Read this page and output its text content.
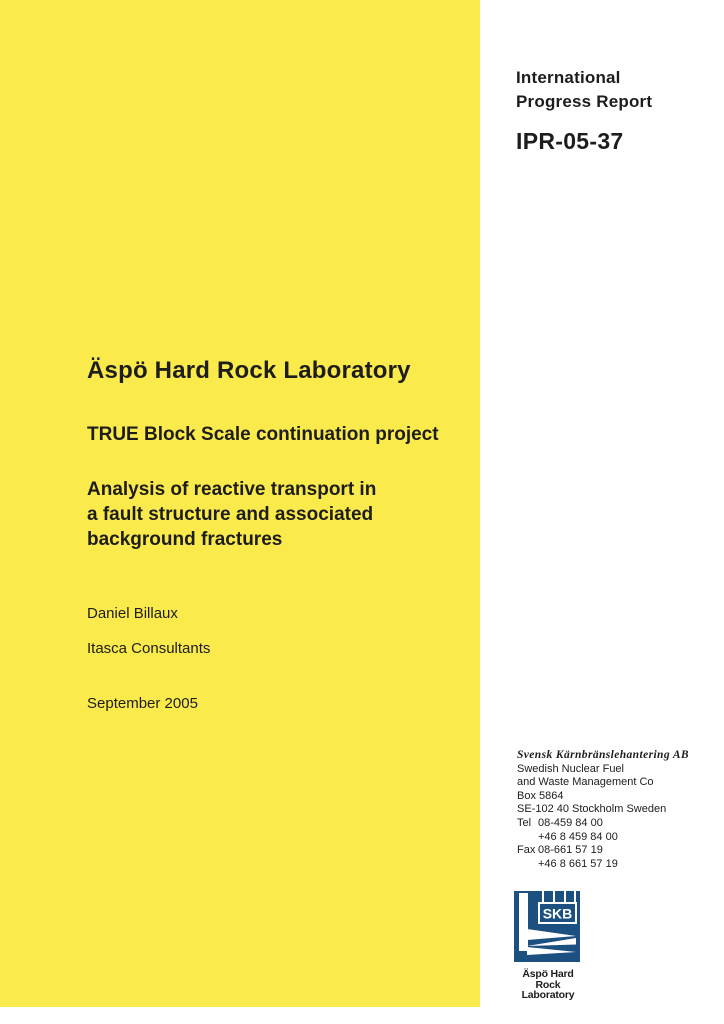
International
Progress Report
IPR-05-37
Äspö Hard Rock Laboratory
TRUE Block Scale continuation project
Analysis of reactive transport in
a fault structure and associated
background fractures
Daniel Billaux
Itasca Consultants
September 2005
Svensk Kärnbränslehantering AB
Swedish Nuclear Fuel
and Waste Management Co
Box 5864
SE-102 40 Stockholm Sweden
Tel 08-459 84 00
+46 8 459 84 00
Fax 08-661 57 19
+46 8 661 57 19
SKB
Äspö Hard Rock
Laboratory
